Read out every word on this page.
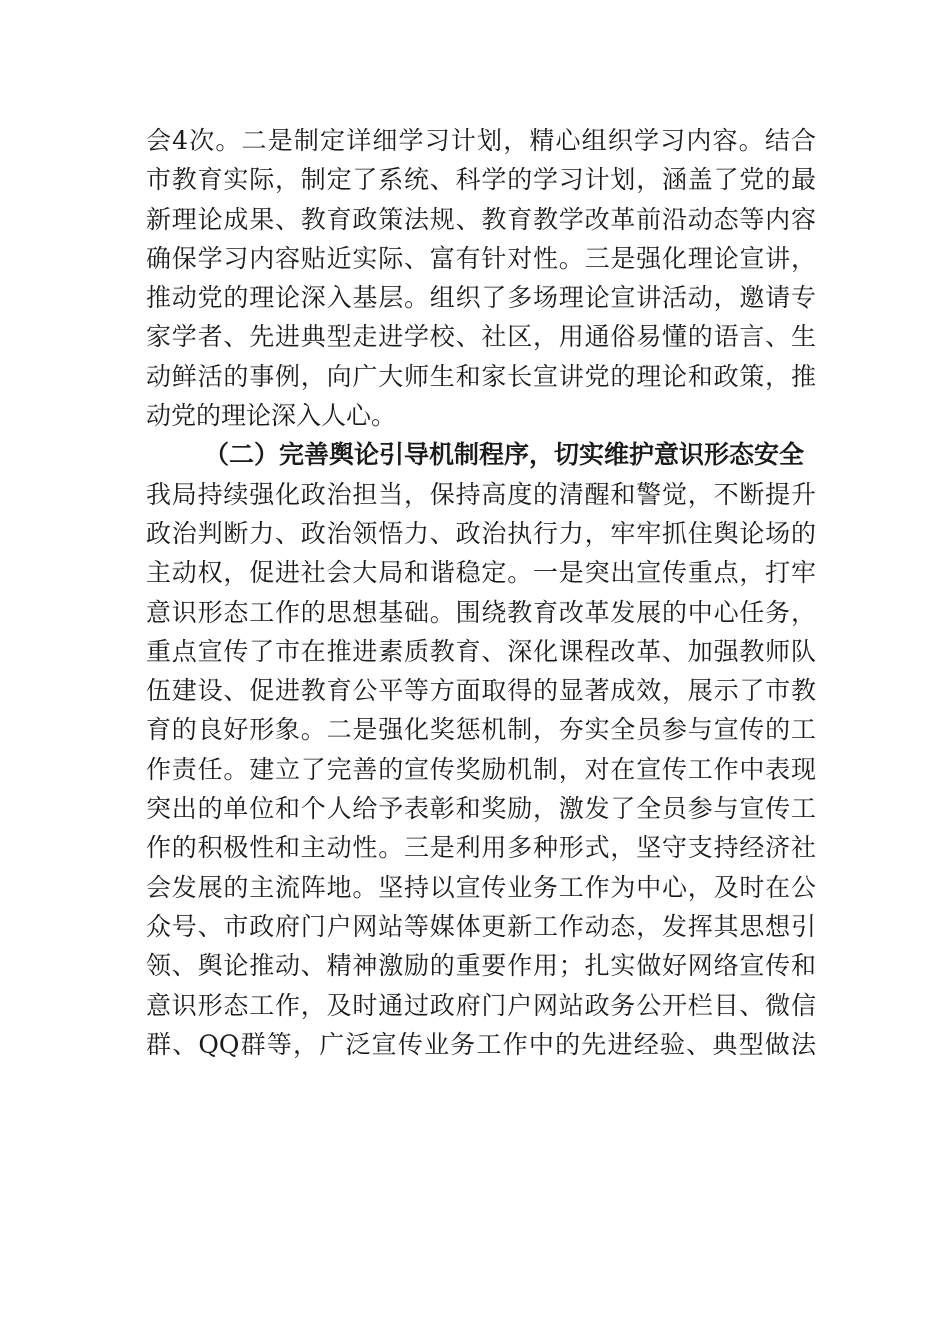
会4次。二是制定详细学习计划，精心组织学习内容。结合
市教育实际，制定了系统、科学的学习计划，涵盖了党的最
新理论成果、教育政策法规、教育教学改革前沿动态等内容
确保学习内容贴近实际、富有针对性。三是强化理论宣讲，
推动党的理论深入基层。组织了多场理论宣讲活动，邀请专
家学者、先进典型走进学校、社区，用通俗易懂的语言、生
动鲜活的事例，向广大师生和家长宣讲党的理论和政策，推
动党的理论深入人心。
（二）完善舆论引导机制程序，切实维护意识形态安全
我局持续强化政治担当，保持高度的清醒和警觉，不断提升
政治判断力、政治领悟力、政治执行力，牢牢抓住舆论场的
主动权，促进社会大局和谐稳定。一是突出宣传重点，打牢
意识形态工作的思想基础。围绕教育改革发展的中心任务，
重点宣传了市在推进素质教育、深化课程改革、加强教师队
伍建设、促进教育公平等方面取得的显著成效，展示了市教
育的良好形象。二是强化奖惩机制，夯实全员参与宣传的工
作责任。建立了完善的宣传奖励机制，对在宣传工作中表现
突出的单位和个人给予表彰和奖励，激发了全员参与宣传工
作的积极性和主动性。三是利用多种形式，坚守支持经济社
会发展的主流阵地。坚持以宣传业务工作为中心，及时在公
众号、市政府门户网站等媒体更新工作动态，发挥其思想引
领、舆论推动、精神激励的重要作用；扎实做好网络宣传和
意识形态工作，及时通过政府门户网站政务公开栏目、微信
群、QQ群等，广泛宣传业务工作中的先进经验、典型做法
